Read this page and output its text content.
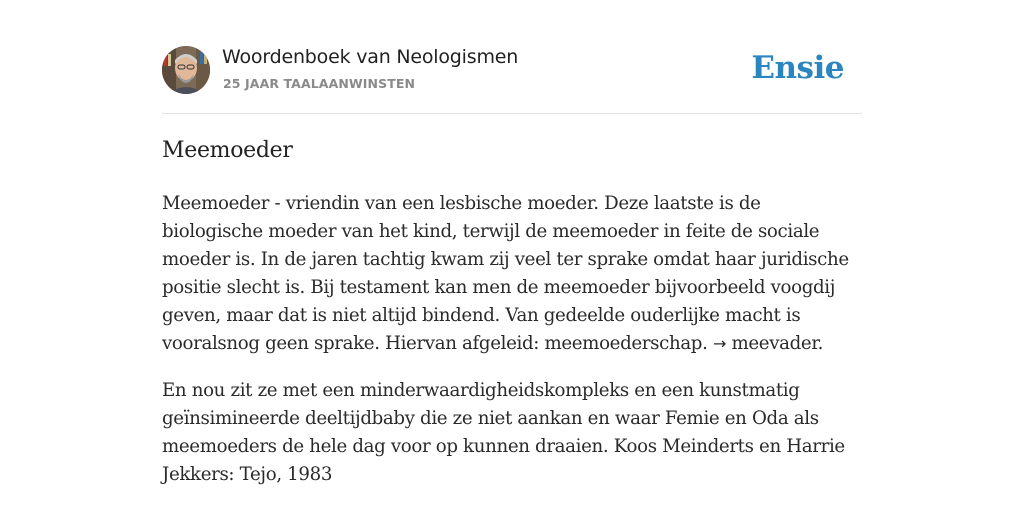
Woordenboek van Neologismen
25 JAAR TAALAANWINSTEN	Ensie
Meemoeder

Meemoeder - vriendin van een lesbische moeder. Deze laatste is de biologische moeder van het kind, terwijl de meemoeder in feite de sociale moeder is. In de jaren tachtig kwam zij veel ter sprake omdat haar juridische positie slecht is. Bij testament kan men de meemoeder bijvoorbeeld voogdij geven, maar dat is niet altijd bindend. Van gedeelde ouderlijke macht is vooralsnog geen sprake. Hiervan afgeleid: meemoederschap. → meevader.

En nou zit ze met een minderwaardigheidskompleks en een kunstmatig geïnsimineerde deeltijdbaby die ze niet aankan en waar Femie en Oda als meemoeders de hele dag voor op kunnen draaien. Koos Meinderts en Harrie Jekkers: Tejo, 1983
